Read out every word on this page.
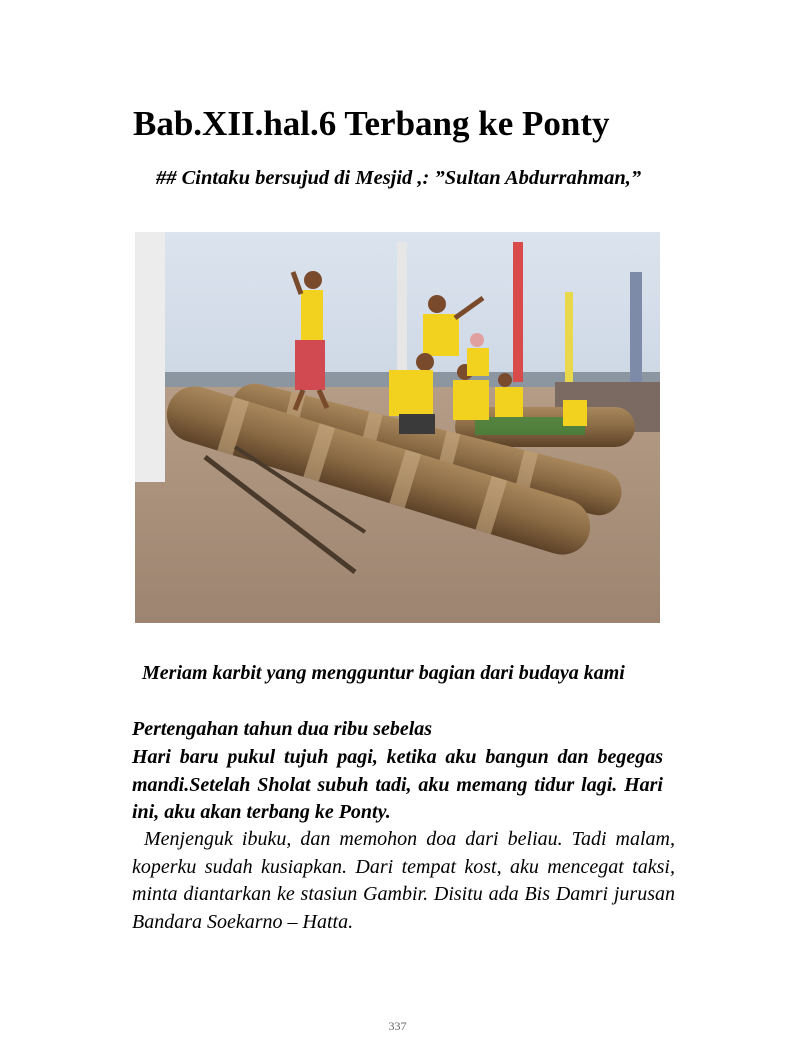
Bab.XII.hal.6 Terbang ke Ponty

## Cintaku bersujud di Mesjid ,: ”Sultan Abdurrahman,”

Meriam karbit yang mengguntur bagian dari budaya kami

Pertengahan tahun dua ribu sebelas

Hari baru pukul tujuh pagi, ketika aku bangun dan begegas mandi.Setelah Sholat subuh tadi, aku memang tidur lagi. Hari ini, aku akan terbang ke Ponty.

Menjenguk ibuku, dan memohon doa dari beliau. Tadi malam, koperku sudah kusiapkan. Dari tempat kost, aku mencegat taksi, minta diantarkan ke stasiun Gambir. Disitu ada Bis Damri jurusan Bandara Soekarno – Hatta.

337
